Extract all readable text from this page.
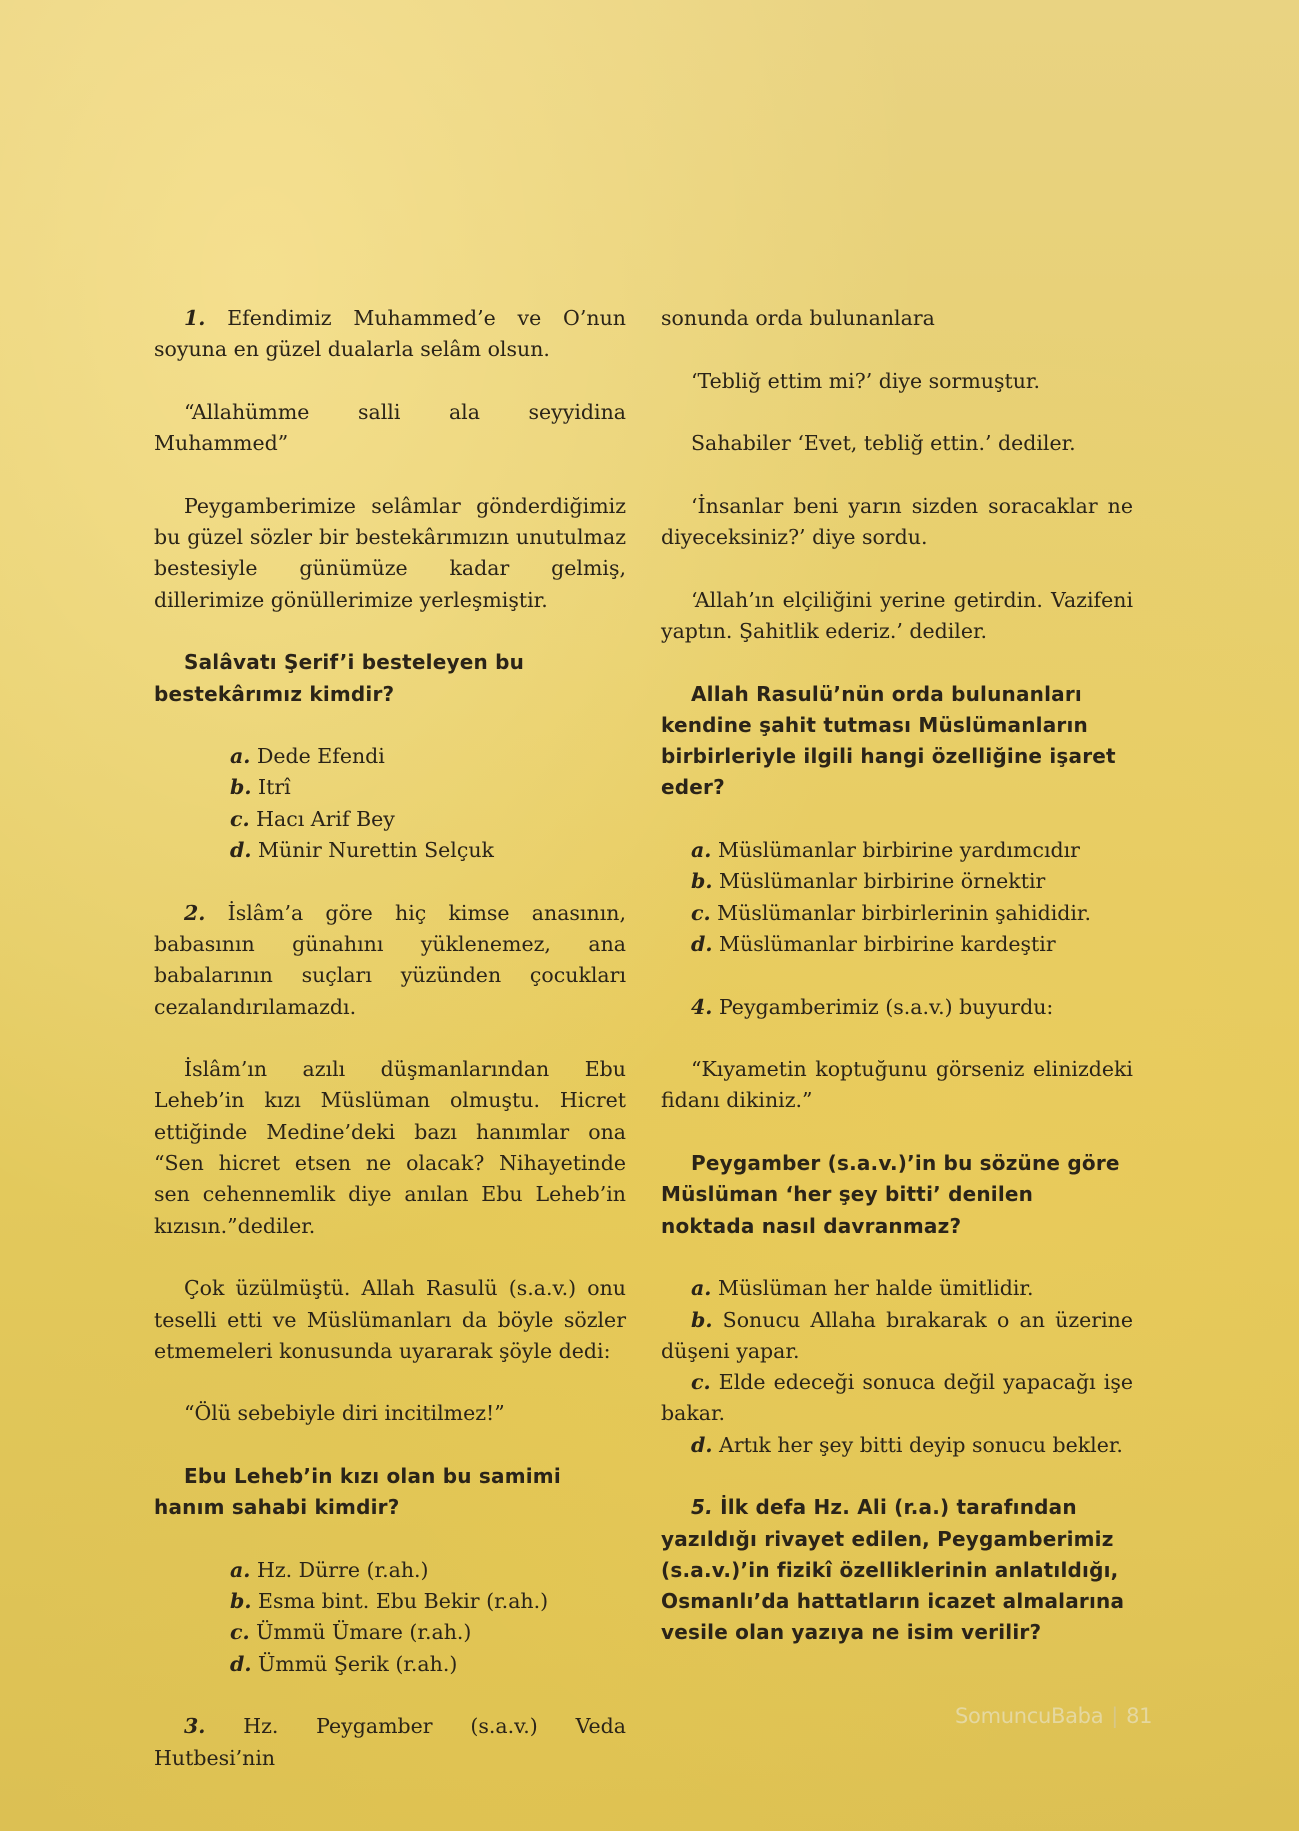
1. Efendimiz Muhammed’e ve O’nun soyuna en güzel dualarla selâm olsun.

“Allahümme salli ala seyyidina Muhammed”

Peygamberimize selâmlar gönderdiğimiz bu güzel sözler bir bestekârımızın unutulmaz bestesiyle günümüze kadar gelmiş, dillerimize gönüllerimize yerleşmiştir.

Salâvatı Şerif’i besteleyen bu bestekârımız kimdir?

a. Dede Efendi

b. Itrî

c. Hacı Arif Bey

d. Münir Nurettin Selçuk

2. İslâm’a göre hiç kimse anasının, babasının günahını yüklenemez, ana babalarının suçları yüzünden çocukları cezalandırılamazdı.

İslâm’ın azılı düşmanlarından Ebu Leheb’in kızı Müslüman olmuştu. Hicret ettiğinde Medine’deki bazı hanımlar ona “Sen hicret etsen ne olacak? Nihayetinde sen cehennemlik diye anılan Ebu Leheb’in kızısın.”dediler.

Çok üzülmüştü. Allah Rasulü (s.a.v.) onu teselli etti ve Müslümanları da böyle sözler etmemeleri konusunda uyararak şöyle dedi:

“Ölü sebebiyle diri incitilmez!”

Ebu Leheb’in kızı olan bu samimi hanım sahabi kimdir?

a. Hz. Dürre (r.ah.)

b. Esma bint. Ebu Bekir (r.ah.)

c. Ümmü Ümare (r.ah.)

d. Ümmü Şerik (r.ah.)

3. Hz. Peygamber (s.a.v.) Veda Hutbesi’nin

sonunda orda bulunanlara

‘Tebliğ ettim mi?’ diye sormuştur.

Sahabiler ‘Evet, tebliğ ettin.’ dediler.

‘İnsanlar beni yarın sizden soracaklar ne diyeceksiniz?’ diye sordu.

‘Allah’ın elçiliğini yerine getirdin. Vazifeni yaptın. Şahitlik ederiz.’ dediler.

Allah Rasulü’nün orda bulunanları kendine şahit tutması Müslümanların birbirleriyle ilgili hangi özelliğine işaret eder?

a. Müslümanlar birbirine yardımcıdır

b. Müslümanlar birbirine örnektir

c. Müslümanlar birbirlerinin şahididir.

d. Müslümanlar birbirine kardeştir

4. Peygamberimiz (s.a.v.) buyurdu:

“Kıyametin koptuğunu görseniz elinizdeki fidanı dikiniz.”

Peygamber (s.a.v.)’in bu sözüne göre Müslüman ‘her şey bitti’ denilen noktada nasıl davranmaz?

a. Müslüman her halde ümitlidir.

b. Sonucu Allaha bırakarak o an üzerine düşeni yapar.

c. Elde edeceği sonuca değil yapacağı işe bakar.

d. Artık her şey bitti deyip sonucu bekler.

5. İlk defa Hz. Ali (r.a.) tarafından yazıldığı rivayet edilen, Peygamberimiz (s.a.v.)’in fizikî özelliklerinin anlatıldığı, Osmanlı’da hattatların icazet almalarına vesile olan yazıya ne isim verilir?

SomuncuBaba | 81
